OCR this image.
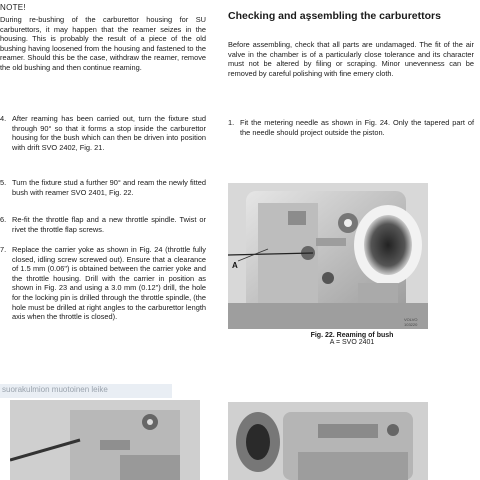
NOTE!

During re-bushing of the carburettor housing for SU carburettors, it may happen that the reamer seizes in the housing. This is probably the result of a piece of the old bushing having loosened from the housing and fastened to the reamer. Should this be the case, withdraw the reamer, remove the old bushing and then continue reaming.

4. After reaming has been carried out, turn the fixture stud through 90° so that it forms a stop inside the carburettor housing for the bush which can then be driven into position with drift SVO 2402, Fig. 21.
5. Turn the fixture stud a further 90° and ream the newly fitted bush with reamer SVO 2401, Fig. 22.
6. Re-fit the throttle flap and a new throttle spindle. Twist or rivet the throttle flap screws.
7. Replace the carrier yoke as shown in Fig. 24 (throttle fully closed, idling screw screwed out). Ensure that a clearance of 1.5 mm (0.06") is obtained between the carrier yoke and the throttle housing. Drill with the carrier in position as shown in Fig. 23 and using a 3.0 mm (0.12") drill, the hole for the locking pin is drilled through the throttle spindle, (the hole must be drilled at right angles to the carburettor length axis when the throttle is closed).
suorakulmion muotoinen leike
Checking and aşsembling the carburettors

Before assembling, check that all parts are undamaged. The fit of the air valve in the chamber is of a particularly close tolerance and its character must not be altered by filing or scraping. Minor unevenness can be removed by careful polishing with fine emery cloth.

1. Fit the metering needle as shown in Fig. 24. Only the tapered part of the needle should project outside the piston.
A
VOLVO 103220
Fig. 22. Reaming of bush
A = SVO 2401
